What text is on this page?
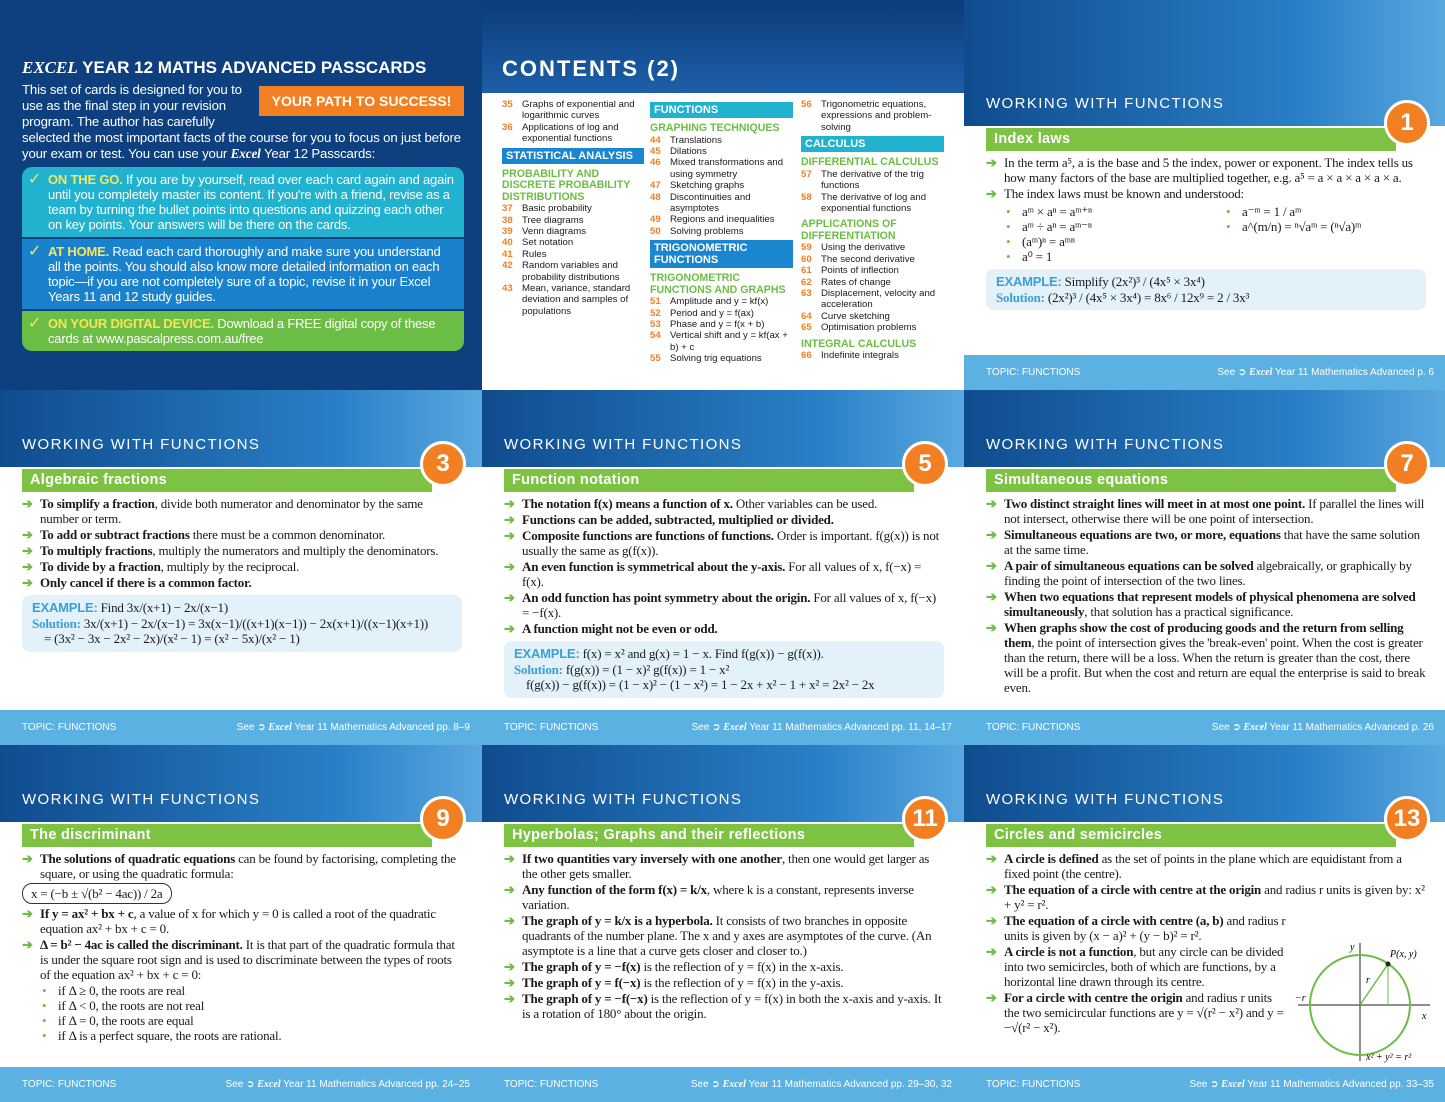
EXCEL YEAR 12 MATHS ADVANCED PASSCARDS
YOUR PATH TO SUCCESS!
This set of cards is designed for you to use as the final step in your revision program. The author has carefully selected the most important facts of the course for you to focus on just before your exam or test. You can use your Excel Year 12 Passcards:
✓ ON THE GO. If you are by yourself, read over each card again and again until you completely master its content. If you're with a friend, revise as a team by turning the bullet points into questions and quizzing each other on key points. Your answers will be there on the cards.
✓ AT HOME. Read each card thoroughly and make sure you understand all the points. You should also know more detailed information on each topic—if you are not completely sure of a topic, revise it in your Excel Years 11 and 12 study guides.
✓ ON YOUR DIGITAL DEVICE. Download a FREE digital copy of these cards at www.pascalpress.com.au/free
CONTENTS (2)
35 Graphs of exponential and logarithmic curves
36 Applications of log and exponential functions
STATISTICAL ANALYSIS
PROBABILITY AND DISCRETE PROBABILITY DISTRIBUTIONS
37 Basic probability
38 Tree diagrams
39 Venn diagrams
40 Set notation
41 Rules
42 Random variables and probability distributions
43 Mean, variance, standard deviation and samples of populations
FUNCTIONS
GRAPHING TECHNIQUES
44 Translations
45 Dilations
46 Mixed transformations and using symmetry
47 Sketching graphs
48 Discontinuities and asymptotes
49 Regions and inequalities
50 Solving problems
TRIGONOMETRIC FUNCTIONS
TRIGONOMETRIC FUNCTIONS AND GRAPHS
51 Amplitude and y = kf(x)
52 Period and y = f(ax)
53 Phase and y = f(x + b)
54 Vertical shift and y = kf(ax + b) + c
55 Solving trig equations
56 Trigonometric equations, expressions and problem-solving
CALCULUS
DIFFERENTIAL CALCULUS
57 The derivative of the trig functions
58 The derivative of log and exponential functions
APPLICATIONS OF DIFFERENTIATION
59 Using the derivative
60 The second derivative
61 Points of inflection
62 Rates of change
63 Displacement, velocity and acceleration
64 Curve sketching
65 Optimisation problems
INTEGRAL CALCULUS
66 Indefinite integrals
WORKING WITH FUNCTIONS
Index laws
1
➔ In the term a⁵, a is the base and 5 the index, power or exponent. The index tells us how many factors of the base are multiplied together, e.g. a⁵ = a × a × a × a × a.
➔ The index laws must be known and understood:
• aᵐ × aⁿ = aᵐ⁺ⁿ
• aᵐ ÷ aⁿ = aᵐ⁻ⁿ
• (aᵐ)ⁿ = aᵐⁿ
• a⁰ = 1
• a⁻ᵐ = 1 / aᵐ
• a^(m/n) = ⁿ√aᵐ = (ⁿ√a)ᵐ
EXAMPLE: Simplify (2x²)³ / (4x⁵ × 3x⁴)
Solution: (2x²)³ / (4x⁵ × 3x⁴) = 8x⁶ / 12x⁹ = 2 / 3x³
TOPIC: FUNCTIONS	See ➲ Excel Year 11 Mathematics Advanced p. 6
WORKING WITH FUNCTIONS
Algebraic fractions
3
➔ To simplify a fraction, divide both numerator and denominator by the same number or term.
➔ To add or subtract fractions there must be a common denominator.
➔ To multiply fractions, multiply the numerators and multiply the denominators.
➔ To divide by a fraction, multiply by the reciprocal.
➔ Only cancel if there is a common factor.
EXAMPLE: Find 3x/(x+1) − 2x/(x−1)
Solution: 3x/(x+1) − 2x/(x−1) = 3x(x−1)/((x+1)(x−1)) − 2x(x+1)/((x−1)(x+1))
= (3x² − 3x − 2x² − 2x)/(x² − 1) = (x² − 5x)/(x² − 1)
TOPIC: FUNCTIONS	See ➲ Excel Year 11 Mathematics Advanced pp. 8–9
WORKING WITH FUNCTIONS
Function notation
5
➔ The notation f(x) means a function of x. Other variables can be used.
➔ Functions can be added, subtracted, multiplied or divided.
➔ Composite functions are functions of functions. Order is important. f(g(x)) is not usually the same as g(f(x)).
➔ An even function is symmetrical about the y-axis. For all values of x, f(−x) = f(x).
➔ An odd function has point symmetry about the origin. For all values of x, f(−x) = −f(x).
➔ A function might not be even or odd.
EXAMPLE: f(x) = x² and g(x) = 1 − x. Find f(g(x)) − g(f(x)).
Solution: f(g(x)) = (1 − x)² g(f(x)) = 1 − x²
f(g(x)) − g(f(x)) = (1 − x)² − (1 − x²) = 1 − 2x + x² − 1 + x² = 2x² − 2x
TOPIC: FUNCTIONS	See ➲ Excel Year 11 Mathematics Advanced pp. 11, 14–17
WORKING WITH FUNCTIONS
Simultaneous equations
7
➔ Two distinct straight lines will meet in at most one point. If parallel the lines will not intersect, otherwise there will be one point of intersection.
➔ Simultaneous equations are two, or more, equations that have the same solution at the same time.
➔ A pair of simultaneous equations can be solved algebraically, or graphically by finding the point of intersection of the two lines.
➔ When two equations that represent models of physical phenomena are solved simultaneously, that solution has a practical significance.
➔ When graphs show the cost of producing goods and the return from selling them, the point of intersection gives the 'break-even' point. When the cost is greater than the return, there will be a loss. When the return is greater than the cost, there will be a profit. But when the cost and return are equal the enterprise is said to break even.
TOPIC: FUNCTIONS	See ➲ Excel Year 11 Mathematics Advanced p. 26
WORKING WITH FUNCTIONS
The discriminant
9
➔ The solutions of quadratic equations can be found by factorising, completing the square, or using the quadratic formula:
x = (−b ± √(b² − 4ac)) / 2a
➔ If y = ax² + bx + c, a value of x for which y = 0 is called a root of the quadratic equation ax² + bx + c = 0.
➔ Δ = b² − 4ac is called the discriminant. It is that part of the quadratic formula that is under the square root sign and is used to discriminate between the types of roots of the equation ax² + bx + c = 0:
• if Δ ≥ 0, the roots are real
• if Δ < 0, the roots are not real
• if Δ = 0, the roots are equal
• if Δ is a perfect square, the roots are rational.
TOPIC: FUNCTIONS	See ➲ Excel Year 11 Mathematics Advanced pp. 24–25
WORKING WITH FUNCTIONS
Hyperbolas; Graphs and their reflections
11
➔ If two quantities vary inversely with one another, then one would get larger as the other gets smaller.
➔ Any function of the form f(x) = k/x, where k is a constant, represents inverse variation.
➔ The graph of y = k/x is a hyperbola. It consists of two branches in opposite quadrants of the number plane. The x and y axes are asymptotes of the curve. (An asymptote is a line that a curve gets closer and closer to.)
➔ The graph of y = −f(x) is the reflection of y = f(x) in the x-axis.
➔ The graph of y = f(−x) is the reflection of y = f(x) in the y-axis.
➔ The graph of y = −f(−x) is the reflection of y = f(x) in both the x-axis and y-axis. It is a rotation of 180° about the origin.
TOPIC: FUNCTIONS	See ➲ Excel Year 11 Mathematics Advanced pp. 29–30, 32
WORKING WITH FUNCTIONS
Circles and semicircles
13
➔ A circle is defined as the set of points in the plane which are equidistant from a fixed point (the centre).
➔ The equation of a circle with centre at the origin and radius r units is given by: x² + y² = r².
➔ The equation of a circle with centre (a, b) and radius r units is given by (x − a)² + (y − b)² = r².
➔ A circle is not a function, but any circle can be divided into two semicircles, both of which are functions, by a horizontal line drawn through its centre.
➔ For a circle with centre the origin and radius r units the two semicircular functions are y = √(r² − x²) and y = −√(r² − x²).
P(x, y)
x
y
r
−r
x² + y² = r²
TOPIC: FUNCTIONS	See ➲ Excel Year 11 Mathematics Advanced pp. 33–35
